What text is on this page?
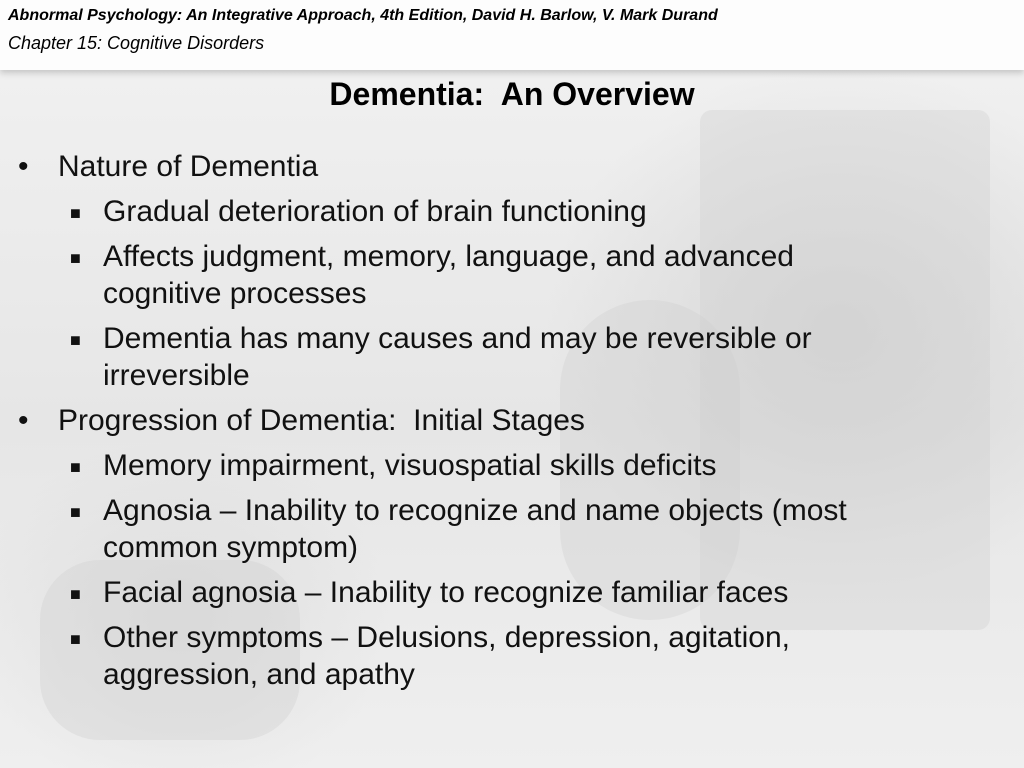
Abnormal Psychology: An Integrative Approach, 4th Edition, David H. Barlow, V. Mark Durand
Chapter 15: Cognitive Disorders
Dementia:  An Overview
• Nature of Dementia
■ Gradual deterioration of brain functioning
■ Affects judgment, memory, language, and advanced
cognitive processes
■ Dementia has many causes and may be reversible or
irreversible
• Progression of Dementia:  Initial Stages
■ Memory impairment, visuospatial skills deficits
■ Agnosia – Inability to recognize and name objects (most
common symptom)
■ Facial agnosia – Inability to recognize familiar faces
■ Other symptoms – Delusions, depression, agitation,
aggression, and apathy
